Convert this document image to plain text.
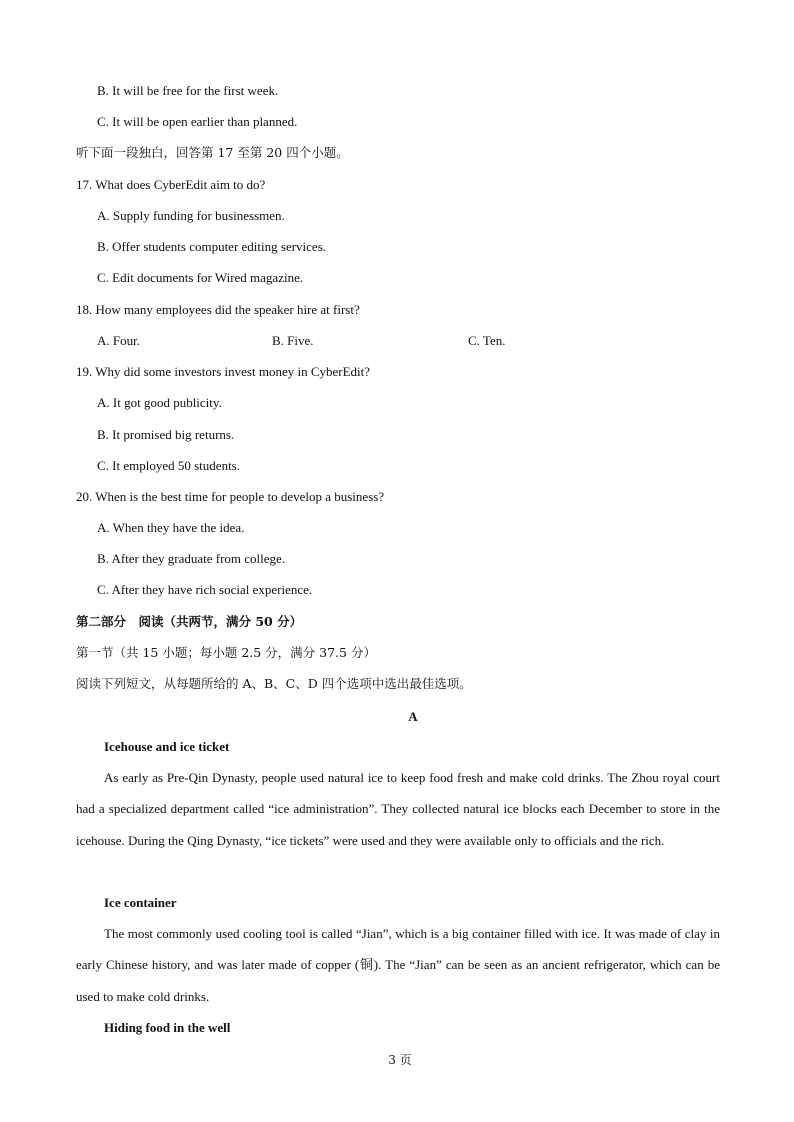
B. It will be free for the first week.
C. It will be open earlier than planned.
听下面一段独白，回答第 17 至第 20 四个小题。
17. What does CyberEdit aim to do?
A. Supply funding for businessmen.
B. Offer students computer editing services.
C. Edit documents for Wired magazine.
18. How many employees did the speaker hire at first?
A. Four.	B. Five.	C. Ten.
19. Why did some investors invest money in CyberEdit?
A. It got good publicity.
B. It promised big returns.
C. It employed 50 students.
20. When is the best time for people to develop a business?
A. When they have the idea.
B. After they graduate from college.
C. After they have rich social experience.
第二部分　阅读（共两节，满分 50 分）
第一节（共 15 小题；每小题 2.5 分，满分 37.5 分）
阅读下列短文，从每题所给的 A、B、C、D 四个选项中选出最佳选项。
A
Icehouse and ice ticket

As early as Pre-Qin Dynasty, people used natural ice to keep food fresh and make cold drinks. The Zhou royal court had a specialized department called “ice administration”. They collected natural ice blocks each December to store in the icehouse. During the Qing Dynasty, “ice tickets” were used and they were available only to officials and the rich.

Ice container

The most commonly used cooling tool is called “Jian”, which is a big container filled with ice. It was made of clay in early Chinese history, and was later made of copper (铜). The “Jian” can be seen as an ancient refrigerator, which can be used to make cold drinks.

Hiding food in the well
3 页
